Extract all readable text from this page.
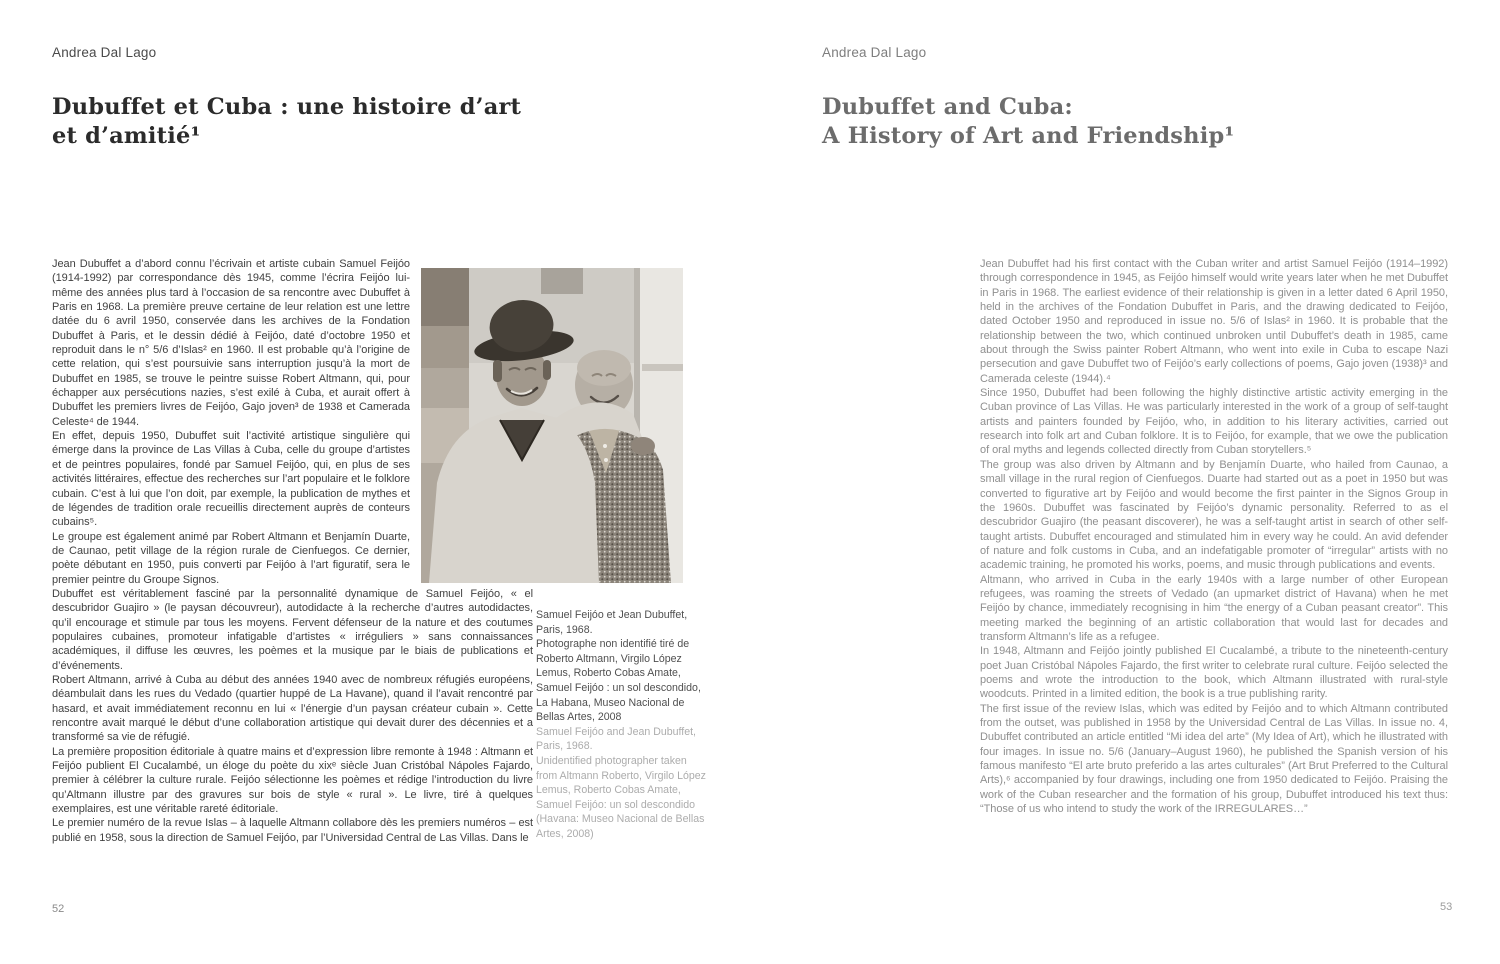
Andrea Dal Lago
Dubuffet et Cuba : une histoire d’art
et d’amitié¹

Jean Dubuffet a d’abord connu l’écrivain et artiste cubain Samuel Feijóo (1914-1992) par correspondance dès 1945, comme l’écrira Feijóo lui-même des années plus tard à l’occasion de sa rencontre avec Dubuffet à Paris en 1968. La première preuve certaine de leur relation est une lettre datée du 6 avril 1950, conservée dans les archives de la Fondation Dubuffet à Paris, et le dessin dédié à Feijóo, daté d’octobre 1950 et reproduit dans le n° 5/6 d’Islas² en 1960. Il est probable qu’à l’origine de cette relation, qui s’est poursuivie sans interruption jusqu’à la mort de Dubuffet en 1985, se trouve le peintre suisse Robert Altmann, qui, pour échapper aux persécutions nazies, s’est exilé à Cuba, et aurait offert à Dubuffet les premiers livres de Feijóo, Gajo joven³ de 1938 et Camerada Celeste⁴ de 1944.

En effet, depuis 1950, Dubuffet suit l’activité artistique singulière qui émerge dans la province de Las Villas à Cuba, celle du groupe d’artistes et de peintres populaires, fondé par Samuel Feijóo, qui, en plus de ses activités littéraires, effectue des recherches sur l’art populaire et le folklore cubain. C’est à lui que l’on doit, par exemple, la publication de mythes et de légendes de tradition orale recueillis directement auprès de conteurs cubains⁵.

Le groupe est également animé par Robert Altmann et Benjamín Duarte, de Caunao, petit village de la région rurale de Cienfuegos. Ce dernier, poète débutant en 1950, puis converti par Feijóo à l’art figuratif, sera le premier peintre du Groupe Signos.

Dubuffet est véritablement fasciné par la personnalité dynamique de Samuel Feijóo, « el descubridor Guajiro » (le paysan découvreur), autodidacte à la recherche d’autres autodidactes, qu’il encourage et stimule par tous les moyens. Fervent défenseur de la nature et des coutumes populaires cubaines, promoteur infatigable d’artistes « irréguliers » sans connaissances académiques, il diffuse les œuvres, les poèmes et la musique par le biais de publications et d’événements.

Robert Altmann, arrivé à Cuba au début des années 1940 avec de nombreux réfugiés européens, déambulait dans les rues du Vedado (quartier huppé de La Havane), quand il l’avait rencontré par hasard, et avait immédiatement reconnu en lui « l’énergie d’un paysan créateur cubain ». Cette rencontre avait marqué le début d’une collaboration artistique qui devait durer des décennies et a transformé sa vie de réfugié.

La première proposition éditoriale à quatre mains et d’expression libre remonte à 1948 : Altmann et Feijóo publient El Cucalambé, un éloge du poète du xixᵉ siècle Juan Cristóbal Nápoles Fajardo, premier à célébrer la culture rurale. Feijóo sélectionne les poèmes et rédige l’introduction du livre qu’Altmann illustre par des gravures sur bois de style « rural ». Le livre, tiré à quelques exemplaires, est une véritable rareté éditoriale.

Le premier numéro de la revue Islas – à laquelle Altmann collabore dès les premiers numéros – est publié en 1958, sous la direction de Samuel Feijóo, par l’Universidad Central de Las Villas. Dans le

Samuel Feijóo et Jean Dubuffet, Paris, 1968.

Photographe non identifié tiré de Roberto Altmann, Virgilo López Lemus, Roberto Cobas Amate, Samuel Feijóo : un sol descondido, La Habana, Museo Nacional de Bellas Artes, 2008

Samuel Feijóo and Jean Dubuffet, Paris, 1968.

Unidentified photographer taken from Altmann Roberto, Virgilo López Lemus, Roberto Cobas Amate, Samuel Feijóo: un sol descondido (Havana: Museo Nacional de Bellas Artes, 2008)

52
Andrea Dal Lago
Dubuffet and Cuba:
A History of Art and Friendship¹

Jean Dubuffet had his first contact with the Cuban writer and artist Samuel Feijóo (1914–1992) through correspondence in 1945, as Feijóo himself would write years later when he met Dubuffet in Paris in 1968. The earliest evidence of their relationship is given in a letter dated 6 April 1950, held in the archives of the Fondation Dubuffet in Paris, and the drawing dedicated to Feijóo, dated October 1950 and reproduced in issue no. 5/6 of Islas² in 1960. It is probable that the relationship between the two, which continued unbroken until Dubuffet’s death in 1985, came about through the Swiss painter Robert Altmann, who went into exile in Cuba to escape Nazi persecution and gave Dubuffet two of Feijóo’s early collections of poems, Gajo joven (1938)³ and Camerada celeste (1944).⁴

Since 1950, Dubuffet had been following the highly distinctive artistic activity emerging in the Cuban province of Las Villas. He was particularly interested in the work of a group of self-taught artists and painters founded by Feijóo, who, in addition to his literary activities, carried out research into folk art and Cuban folklore. It is to Feijóo, for example, that we owe the publication of oral myths and legends collected directly from Cuban storytellers.⁵

The group was also driven by Altmann and by Benjamín Duarte, who hailed from Caunao, a small village in the rural region of Cienfuegos. Duarte had started out as a poet in 1950 but was converted to figurative art by Feijóo and would become the first painter in the Signos Group in the 1960s. Dubuffet was fascinated by Feijóo’s dynamic personality. Referred to as el descubridor Guajiro (the peasant discoverer), he was a self-taught artist in search of other self-taught artists. Dubuffet encouraged and stimulated him in every way he could. An avid defender of nature and folk customs in Cuba, and an indefatigable promoter of “irregular” artists with no academic training, he promoted his works, poems, and music through publications and events.

Altmann, who arrived in Cuba in the early 1940s with a large number of other European refugees, was roaming the streets of Vedado (an upmarket district of Havana) when he met Feijóo by chance, immediately recognising in him “the energy of a Cuban peasant creator”. This meeting marked the beginning of an artistic collaboration that would last for decades and transform Altmann’s life as a refugee.

In 1948, Altmann and Feijóo jointly published El Cucalambé, a tribute to the nineteenth-century poet Juan Cristóbal Nápoles Fajardo, the first writer to celebrate rural culture. Feijóo selected the poems and wrote the introduction to the book, which Altmann illustrated with rural-style woodcuts. Printed in a limited edition, the book is a true publishing rarity.

The first issue of the review Islas, which was edited by Feijóo and to which Altmann contributed from the outset, was published in 1958 by the Universidad Central de Las Villas. In issue no. 4, Dubuffet contributed an article entitled “Mi idea del arte” (My Idea of Art), which he illustrated with four images. In issue no. 5/6 (January–August 1960), he published the Spanish version of his famous manifesto “El arte bruto preferido a las artes culturales” (Art Brut Preferred to the Cultural Arts),⁶ accompanied by four drawings, including one from 1950 dedicated to Feijóo. Praising the work of the Cuban researcher and the formation of his group, Dubuffet introduced his text thus: “Those of us who intend to study the work of the IRREGULARES…”

53
